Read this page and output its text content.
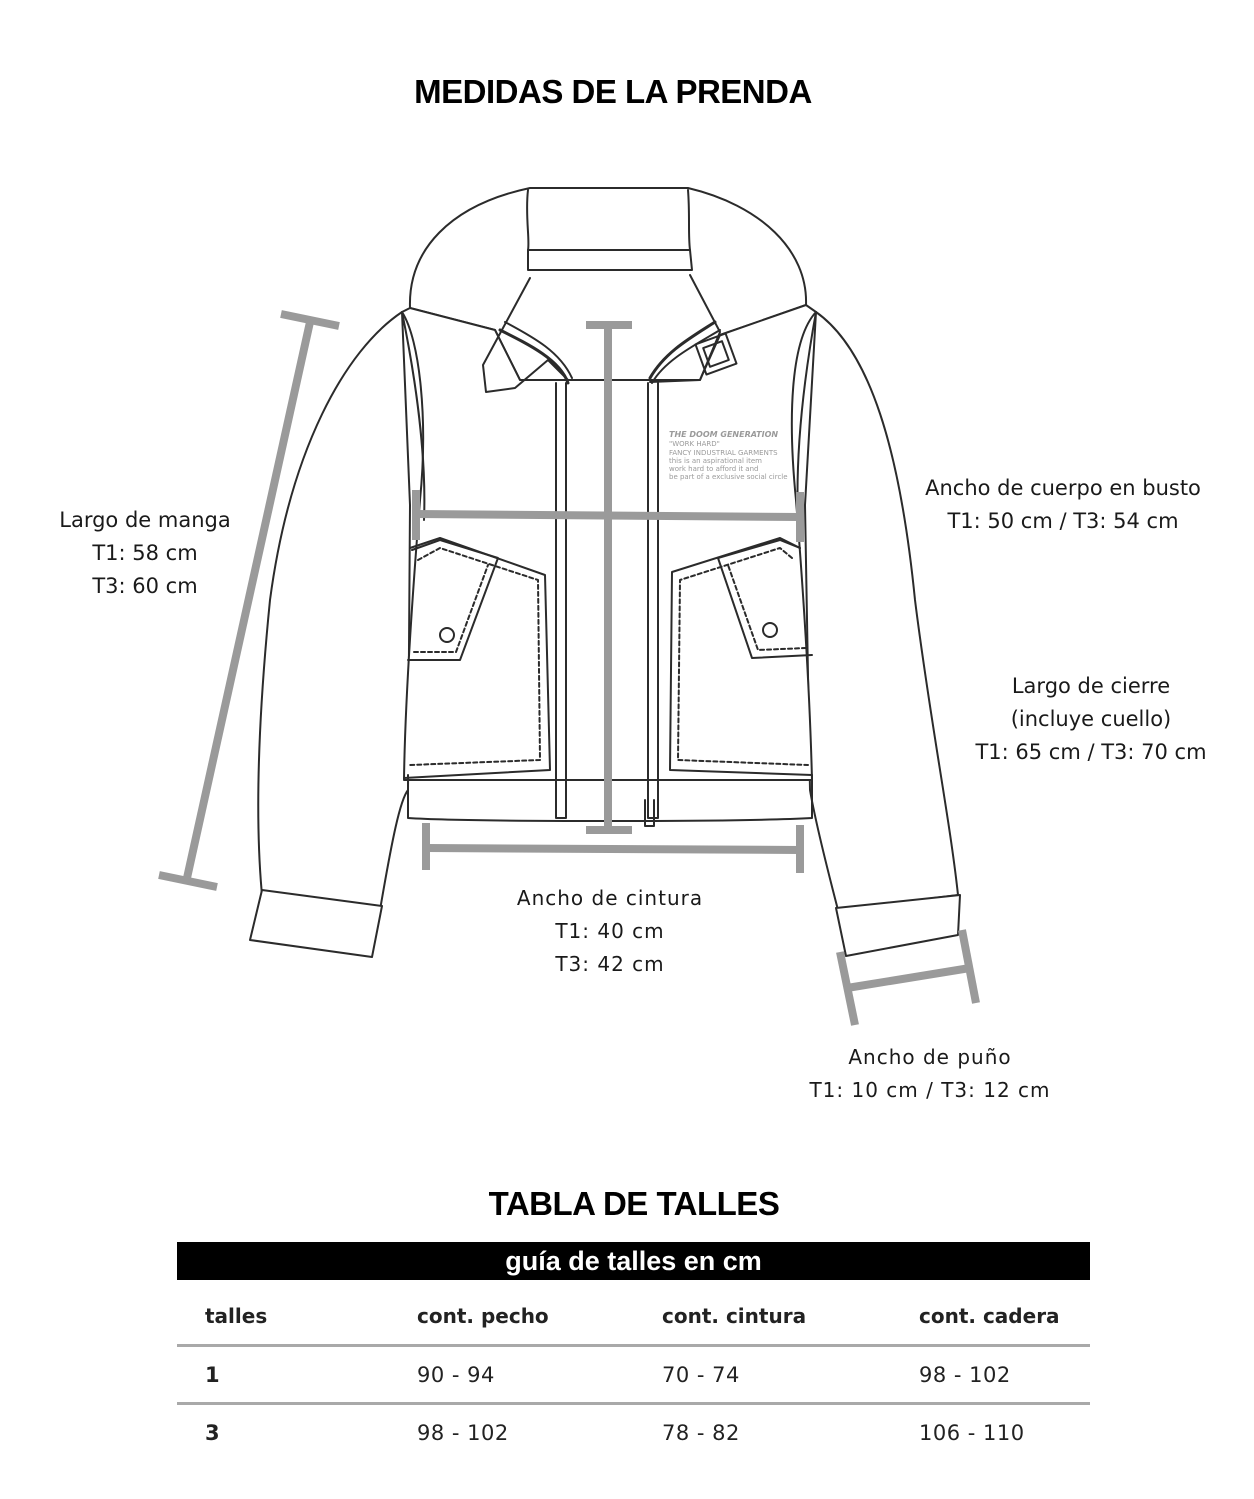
MEDIDAS DE LA PRENDA
THE DOOM GENERATION
"WORK HARD"
FANCY INDUSTRIAL GARMENTS
this is an aspirational item
work hard to afford it and
be part of a exclusive social circle
Largo de manga
T1: 58 cm
T3: 60 cm
Ancho de cuerpo en busto
T1: 50 cm / T3: 54 cm
Largo de cierre
(incluye cuello)
T1: 65 cm / T3: 70 cm
Ancho de cintura
T1: 40 cm
T3: 42 cm
Ancho de puño
T1: 10 cm / T3: 12 cm
TABLA DE TALLES
guía de talles en cm
talles	cont. pecho	cont. cintura	cont. cadera
1	90 - 94	70 - 74	98 - 102
3	98 - 102	78 - 82	106 - 110
